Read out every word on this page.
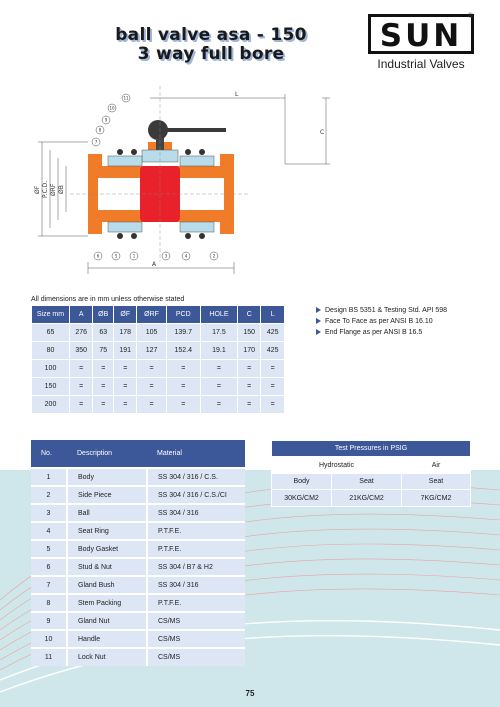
ball valve asa - 150
3 way full bore	SUN
®
Industrial Valves
L
C
A
ØF P.C.D. ØRF ØB
11
10
9
8
7
6	5	1	3	4	2
All dimensions are in mm unless otherwise stated
Size mm	A	ØB	ØF	ØRF	PCD	HOLE	C	L
65	276	63	178	105	139.7	17.5	150	425
80	350	75	191	127	152.4	19.1	170	425
100	=	=	=	=	=	=	=	=
150	=	=	=	=	=	=	=	=
200	=	=	=	=	=	=	=	=
Design BS 5351 & Testing Std. API 598
Face To Face as per ANSI B 16.10
End Flange as per ANSI B 16.5
No.	Description	Material
1	Body	SS 304 / 316 / C.S.
2	Side Piece	SS 304 / 316 / C.S./CI
3	Ball	SS 304 / 316
4	Seat Ring	P.T.F.E.
5	Body Gasket	P.T.F.E.
6	Stud & Nut	SS 304 / B7 & H2
7	Gland Bush	SS 304 / 316
8	Stem Packing	P.T.F.E.
9	Gland Nut	CS/MS
10	Handle	CS/MS
11	Lock Nut	CS/MS
Test Pressures in PSIG		
Hydrostatic		Air
Body	Seat	Seat
30KG/CM2	21KG/CM2	7KG/CM2
75
